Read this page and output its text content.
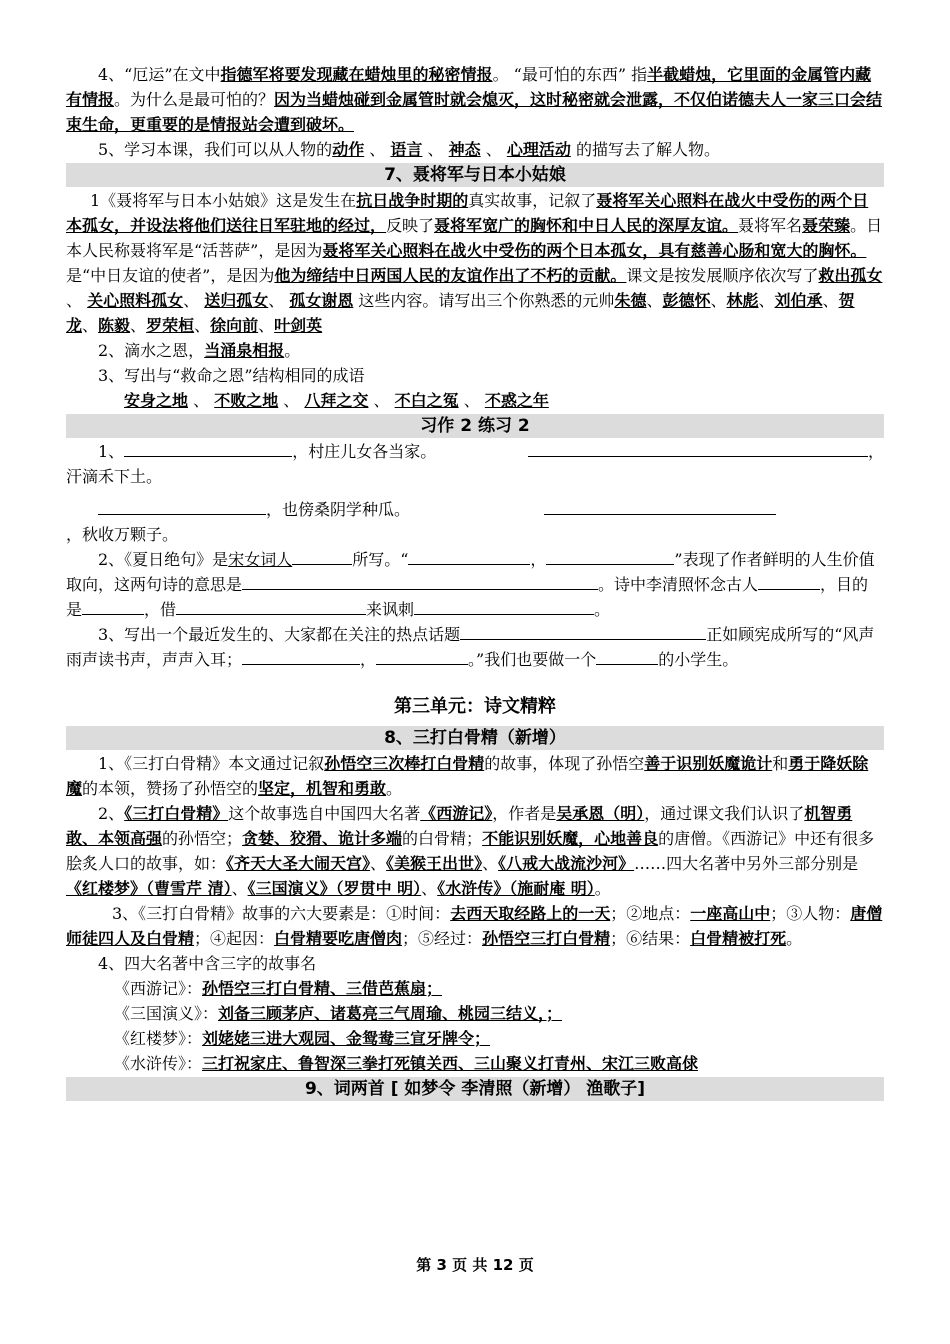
4、“厄运”在文中指德军将要发现藏在蜡烛里的秘密情报。 “最可怕的东西” 指半截蜡烛，它里面的金属管内藏有情报。为什么是最可怕的？因为当蜡烛碰到金属管时就会熄灭，这时秘密就会泄露，不仅伯诺德夫人一家三口会结束生命，更重要的是情报站会遭到破坏。

5、学习本课，我们可以从人物的动作 、 语言 、 神态 、 心理活动 的描写去了解人物。

7、聂将军与日本小姑娘

1《聂将军与日本小姑娘》这是发生在抗日战争时期的真实故事，记叙了聂将军关心照料在战火中受伤的两个日本孤女，并设法将他们送往日军驻地的经过，反映了聂将军宽广的胸怀和中日人民的深厚友谊。聂将军名聂荣臻。日本人民称聂将军是“活菩萨”，是因为聂将军关心照料在战火中受伤的两个日本孤女，具有慈善心肠和宽大的胸怀。是“中日友谊的使者”，是因为他为缔结中日两国人民的友谊作出了不朽的贡献。课文是按发展顺序依次写了救出孤女 、 关心照料孤女、 送归孤女、 孤女谢恩 这些内容。请写出三个你熟悉的元帅朱德、彭德怀、林彪、刘伯承、贺龙、陈毅、罗荣桓、徐向前、叶剑英

2、滴水之恩，当涌泉相报。

3、写出与“救命之恩”结构相同的成语

安身之地 、 不败之地 、 八拜之交 、 不白之冤 、 不惑之年

习作 2 练习 2
1、	，村庄儿女各当家。	，

汗滴禾下土。

，也傍桑阴学种瓜。

，秋收万颗子。

2、《夏日绝句》是宋女词人	所写。“	，	”表现了作者鲜明的人生价值取向，这两句诗的意思是	。诗中李清照怀念古人	，目的是	，借	来讽刺	。

3、写出一个最近发生的、大家都在关注的热点话题	正如顾宪成所写的“风声雨声读书声，声声入耳；	，	。”我们也要做一个	的小学生。

第三单元：诗文精粹
8、三打白骨精（新增）

1、《三打白骨精》本文通过记叙孙悟空三次棒打白骨精的故事，体现了孙悟空善于识别妖魔诡计和勇于降妖除魔的本领，赞扬了孙悟空的坚定，机智和勇敢。

2、《三打白骨精》这个故事选自中国四大名著《西游记》，作者是吴承恩（明），通过课文我们认识了机智勇敢、本领高强的孙悟空；贪婪、狡猾、诡计多端的白骨精；不能识别妖魔，心地善良的唐僧。《西游记》中还有很多脍炙人口的故事，如：《齐天大圣大闹天宫》、《美猴王出世》、《八戒大战流沙河》……四大名著中另外三部分别是《红楼梦》（曹雪芹 清）、《三国演义》（罗贯中 明）、《水浒传》（施耐庵 明）。

3、《三打白骨精》故事的六大要素是：①时间：去西天取经路上的一天；②地点：一座高山中；③人物：唐僧师徒四人及白骨精；④起因：白骨精要吃唐僧肉；⑤经过：孙悟空三打白骨精；⑥结果：白骨精被打死。

4、四大名著中含三字的故事名

《西游记》：孙悟空三打白骨精、三借芭蕉扇；

《三国演义》：刘备三顾茅庐、诸葛亮三气周瑜、桃园三结义，；

《红楼梦》：刘姥姥三进大观园、金鸳鸯三宣牙牌令；

《水浒传》：三打祝家庄、鲁智深三拳打死镇关西、三山聚义打青州、宋江三败高俅

9、词两首 [ 如梦令 李清照（新增） 渔歌子]
第 3 页 共 12 页
